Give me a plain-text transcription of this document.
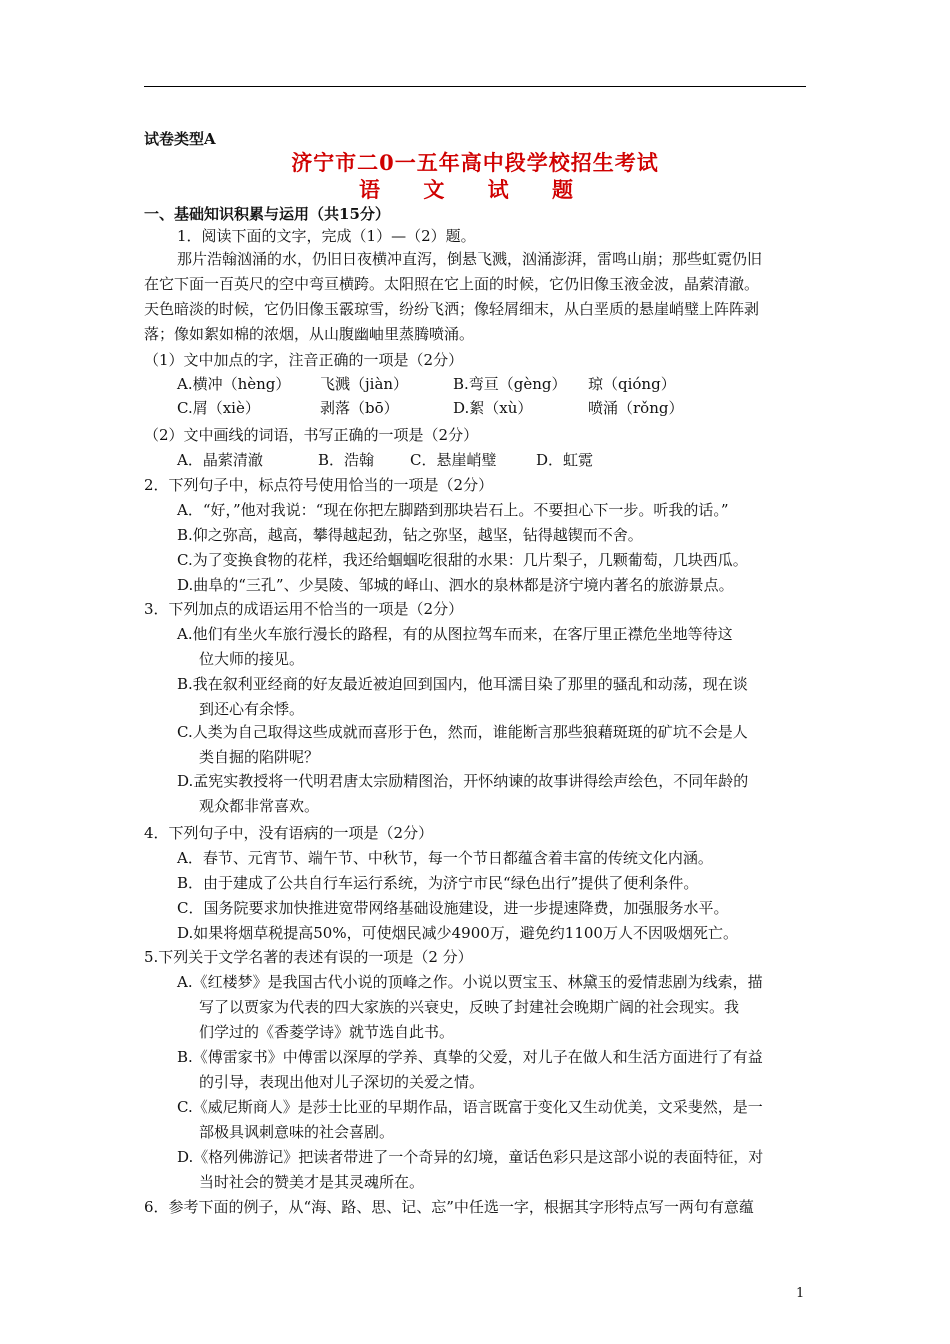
试卷类型A
济宁市二0一五年高中段学校招生考试
语 文 试 题
一、基础知识积累与运用（共15分）
1．阅读下面的文字，完成（1）—（2）题。
那片浩翰汹涌的水，仍旧日夜横冲直泻，倒悬飞溅，汹涌澎湃，雷鸣山崩；那些虹霓仍旧
在它下面一百英尺的空中弯亘横跨。太阳照在它上面的时候，它仍旧像玉液金波，晶萦清澈。
天色暗淡的时候，它仍旧像玉霰琼雪，纷纷飞洒；像轻屑细末，从白垩质的悬崖峭璧上阵阵剥
落；像如絮如棉的浓烟，从山腹幽岫里蒸腾喷涌。
（1）文中加点的字，注音正确的一项是（2分）
A.横冲（hèng） 飞溅（jiàn）	B.弯亘（gèng） 琼（qióng）
C.屑（xiè）	剥落（bō）	D.絮（xù）	喷涌（rǒng）
（2）文中画线的词语，书写正确的一项是（2分）
A．晶萦清澈	B．浩翰 C．悬崖峭璧	D．虹霓
2．下列句子中，标点符号使用恰当的一项是（2分）
A．“好，”他对我说：“现在你把左脚踏到那块岩石上。不要担心下一步。听我的话。”
B.仰之弥高，越高，攀得越起劲，钻之弥坚，越坚，钻得越锲而不舍。
C.为了变换食物的花样，我还给蝈蝈吃很甜的水果：几片梨子，几颗葡萄，几块西瓜。
D.曲阜的“三孔”、少昊陵、邹城的峄山、泗水的泉林都是济宁境内著名的旅游景点。
3．下列加点的成语运用不恰当的一项是（2分）
A.他们有坐火车旅行漫长的路程，有的从图拉驾车而来，在客厅里正襟危坐地等待这
位大师的接见。
B.我在叙利亚经商的好友最近被迫回到国内，他耳濡目染了那里的骚乱和动荡，现在谈
到还心有余悸。
C.人类为自己取得这些成就而喜形于色，然而，谁能断言那些狼藉斑斑的矿坑不会是人
类自掘的陷阱呢？
D.孟宪实教授将一代明君唐太宗励精图治，开怀纳谏的故事讲得绘声绘色，不同年龄的
观众都非常喜欢。
4．下列句子中，没有语病的一项是（2分）
A．春节、元宵节、端午节、中秋节，每一个节日都蕴含着丰富的传统文化内涵。
B．由于建成了公共自行车运行系统，为济宁市民“绿色出行”提供了便利条件。
C．国务院要求加快推进宽带网络基础设施建设，进一步提速降费，加强服务水平。
D.如果将烟草税提高50%，可使烟民减少4900万，避免约1100万人不因吸烟死亡。
5.下列关于文学名著的表述有误的一项是（2 分）
A.《红楼梦》是我国古代小说的顶峰之作。小说以贾宝玉、林黛玉的爱情悲剧为线索，描
写了以贾家为代表的四大家族的兴衰史，反映了封建社会晚期广阔的社会现实。我
们学过的《香菱学诗》就节选自此书。
B.《傅雷家书》中傅雷以深厚的学养、真挚的父爱，对儿子在做人和生活方面进行了有益
的引导，表现出他对儿子深切的关爱之情。
C.《威尼斯商人》是莎士比亚的早期作品，语言既富于变化又生动优美，文采斐然，是一
部极具讽刺意味的社会喜剧。
D.《格列佛游记》把读者带进了一个奇异的幻境，童话色彩只是这部小说的表面特征，对
当时社会的赞美才是其灵魂所在。
6．参考下面的例子，从“海、路、思、记、忘”中任选一字，根据其字形特点写一两句有意蕴
1
